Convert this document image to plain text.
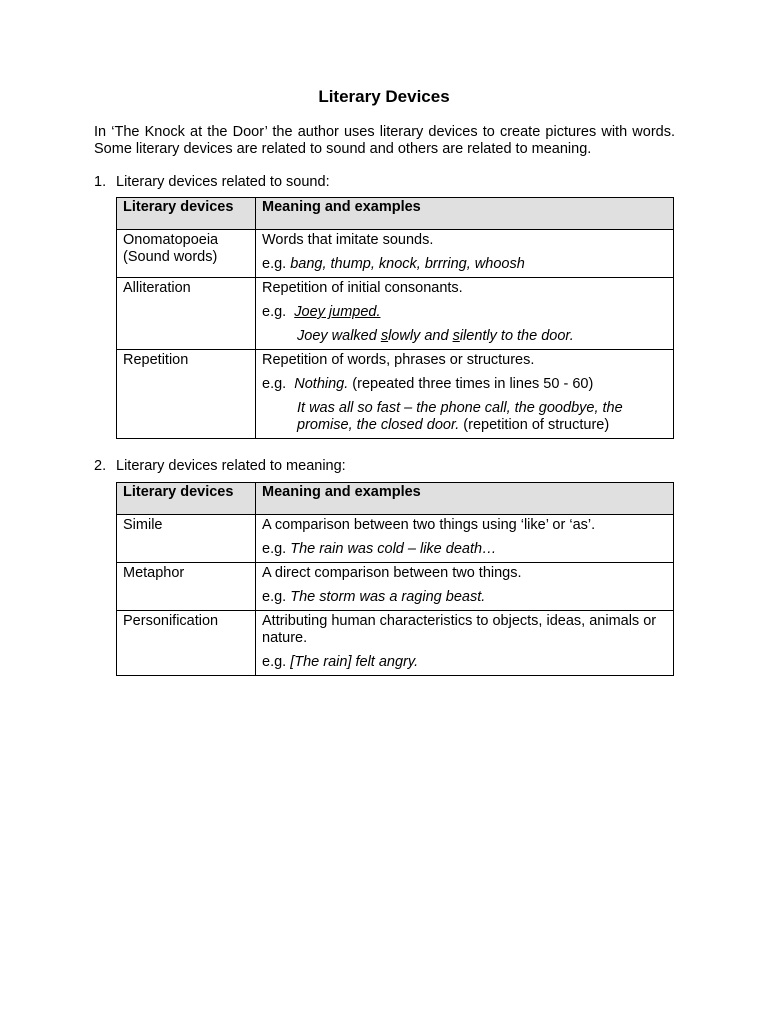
Literary Devices
In ‘The Knock at the Door’ the author uses literary devices to create pictures with words. Some literary devices are related to sound and others are related to meaning.
1. Literary devices related to sound:
Literary devices	Meaning and examples

Onomatopoeia
(Sound words)	Words that imitate sounds.
e.g. bang, thump, knock, brrring, whoosh

Alliteration	Repetition of initial consonants.
e.g. Joey jumped.
Joey walked slowly and silently to the door.

Repetition	Repetition of words, phrases or structures.
e.g. Nothing. (repeated three times in lines 50 - 60)
It was all so fast – the phone call, the goodbye, the
promise, the closed door. (repetition of structure)
2. Literary devices related to meaning:
Literary devices	Meaning and examples
Simile	A comparison between two things using ‘like’ or ‘as’.
e.g. The rain was cold – like death…

Metaphor	A direct comparison between two things.
e.g. The storm was a raging beast.

Personification	Attributing human characteristics to objects, ideas, animals or nature.
e.g. [The rain] felt angry.
